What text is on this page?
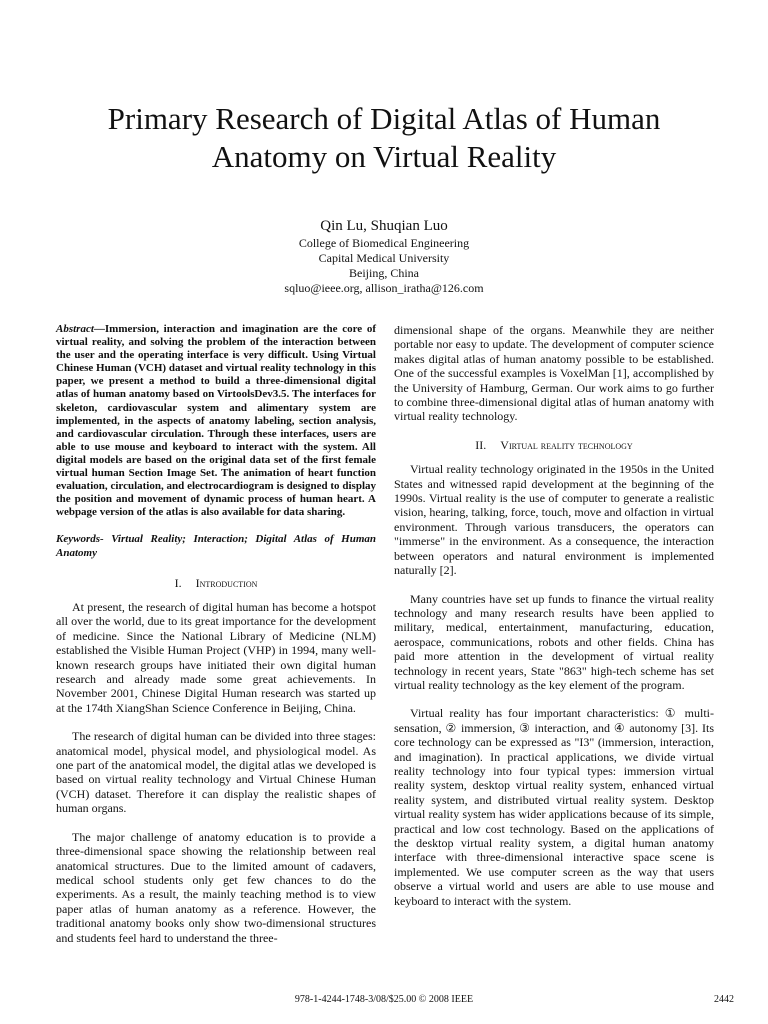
Primary Research of Digital Atlas of Human
Anatomy on Virtual Reality
Qin Lu, Shuqian Luo
College of Biomedical Engineering
Capital Medical University
Beijing, China
sqluo@ieee.org, allison_iratha@126.com

Abstract—Immersion, interaction and imagination are the core of virtual reality, and solving the problem of the interaction between the user and the operating interface is very difficult. Using Virtual Chinese Human (VCH) dataset and virtual reality technology in this paper, we present a method to build a three-dimensional digital atlas of human anatomy based on VirtoolsDev3.5. The interfaces for skeleton, cardiovascular system and alimentary system are implemented, in the aspects of anatomy labeling, section analysis, and cardiovascular circulation. Through these interfaces, users are able to use mouse and keyboard to interact with the system. All digital models are based on the original data set of the first female virtual human Section Image Set. The animation of heart function evaluation, circulation, and electrocardiogram is designed to display the position and movement of dynamic process of human heart. A webpage version of the atlas is also available for data sharing.

Keywords- Virtual Reality; Interaction; Digital Atlas of Human Anatomy

I. Introduction

At present, the research of digital human has become a hotspot all over the world, due to its great importance for the development of medicine. Since the National Library of Medicine (NLM) established the Visible Human Project (VHP) in 1994, many well-known research groups have initiated their own digital human research and already made some great achievements. In November 2001, Chinese Digital Human research was started up at the 174th XiangShan Science Conference in Beijing, China.

The research of digital human can be divided into three stages: anatomical model, physical model, and physiological model. As one part of the anatomical model, the digital atlas we developed is based on virtual reality technology and Virtual Chinese Human (VCH) dataset. Therefore it can display the realistic shapes of human organs.

The major challenge of anatomy education is to provide a three-dimensional space showing the relationship between real anatomical structures. Due to the limited amount of cadavers, medical school students only get few chances to do the experiments. As a result, the mainly teaching method is to view paper atlas of human anatomy as a reference. However, the traditional anatomy books only show two-dimensional structures and students feel hard to understand the three-

dimensional shape of the organs. Meanwhile they are neither portable nor easy to update. The development of computer science makes digital atlas of human anatomy possible to be established. One of the successful examples is VoxelMan [1], accomplished by the University of Hamburg, German. Our work aims to go further to combine three-dimensional digital atlas of human anatomy with virtual reality technology.

II. Virtual reality technology

Virtual reality technology originated in the 1950s in the United States and witnessed rapid development at the beginning of the 1990s. Virtual reality is the use of computer to generate a realistic vision, hearing, talking, force, touch, move and olfaction in virtual environment. Through various transducers, the operators can "immerse" in the environment. As a consequence, the interaction between operators and natural environment is implemented naturally [2].

Many countries have set up funds to finance the virtual reality technology and many research results have been applied to military, medical, entertainment, manufacturing, education, aerospace, communications, robots and other fields. China has paid more attention in the development of virtual reality technology in recent years, State "863" high-tech scheme has set virtual reality technology as the key element of the program.

Virtual reality has four important characteristics: ① multi-sensation, ② immersion, ③ interaction, and ④ autonomy [3]. Its core technology can be expressed as "I3" (immersion, interaction, and imagination). In practical applications, we divide virtual reality technology into four typical types: immersion virtual reality system, desktop virtual reality system, enhanced virtual reality system, and distributed virtual reality system. Desktop virtual reality system has wider applications because of its simple, practical and low cost technology. Based on the applications of the desktop virtual reality system, a digital human anatomy interface with three-dimensional interactive space scene is implemented. We use computer screen as the way that users observe a virtual world and users are able to use mouse and keyboard to interact with the system.

978-1-4244-1748-3/08/$25.00 © 2008 IEEE	2442
